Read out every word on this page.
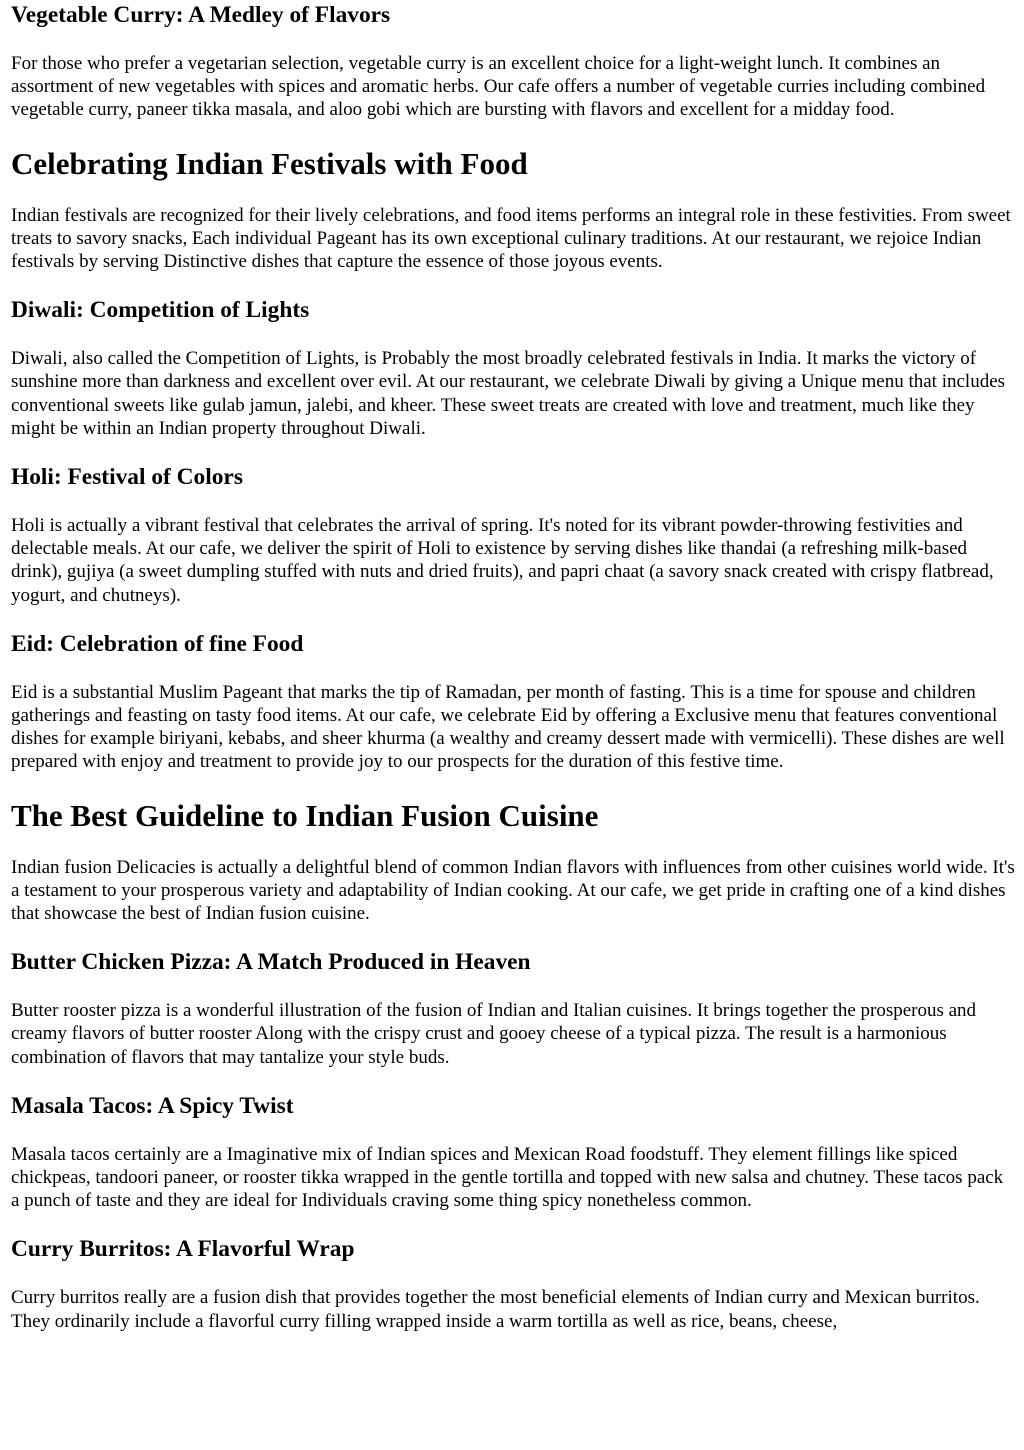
Vegetable Curry: A Medley of Flavors

For those who prefer a vegetarian selection, vegetable curry is an excellent choice for a light-weight lunch. It combines an assortment of new vegetables with spices and aromatic herbs. Our cafe offers a number of vegetable curries including combined vegetable curry, paneer tikka masala, and aloo gobi which are bursting with flavors and excellent for a midday food.

Celebrating Indian Festivals with Food

Indian festivals are recognized for their lively celebrations, and food items performs an integral role in these festivities. From sweet treats to savory snacks, Each individual Pageant has its own exceptional culinary traditions. At our restaurant, we rejoice Indian festivals by serving Distinctive dishes that capture the essence of those joyous events.

Diwali: Competition of Lights

Diwali, also called the Competition of Lights, is Probably the most broadly celebrated festivals in India. It marks the victory of sunshine more than darkness and excellent over evil. At our restaurant, we celebrate Diwali by giving a Unique menu that includes conventional sweets like gulab jamun, jalebi, and kheer. These sweet treats are created with love and treatment, much like they might be within an Indian property throughout Diwali.

Holi: Festival of Colors

Holi is actually a vibrant festival that celebrates the arrival of spring. It's noted for its vibrant powder-throwing festivities and delectable meals. At our cafe, we deliver the spirit of Holi to existence by serving dishes like thandai (a refreshing milk-based drink), gujiya (a sweet dumpling stuffed with nuts and dried fruits), and papri chaat (a savory snack created with crispy flatbread, yogurt, and chutneys).

Eid: Celebration of fine Food

Eid is a substantial Muslim Pageant that marks the tip of Ramadan, per month of fasting. This is a time for spouse and children gatherings and feasting on tasty food items. At our cafe, we celebrate Eid by offering a Exclusive menu that features conventional dishes for example biriyani, kebabs, and sheer khurma (a wealthy and creamy dessert made with vermicelli). These dishes are well prepared with enjoy and treatment to provide joy to our prospects for the duration of this festive time.

The Best Guideline to Indian Fusion Cuisine

Indian fusion Delicacies is actually a delightful blend of common Indian flavors with influences from other cuisines world wide. It's a testament to your prosperous variety and adaptability of Indian cooking. At our cafe, we get pride in crafting one of a kind dishes that showcase the best of Indian fusion cuisine.

Butter Chicken Pizza: A Match Produced in Heaven

Butter rooster pizza is a wonderful illustration of the fusion of Indian and Italian cuisines. It brings together the prosperous and creamy flavors of butter rooster Along with the crispy crust and gooey cheese of a typical pizza. The result is a harmonious combination of flavors that may tantalize your style buds.

Masala Tacos: A Spicy Twist

Masala tacos certainly are a Imaginative mix of Indian spices and Mexican Road foodstuff. They element fillings like spiced chickpeas, tandoori paneer, or rooster tikka wrapped in the gentle tortilla and topped with new salsa and chutney. These tacos pack a punch of taste and they are ideal for Individuals craving some thing spicy nonetheless common.

Curry Burritos: A Flavorful Wrap

Curry burritos really are a fusion dish that provides together the most beneficial elements of Indian curry and Mexican burritos. They ordinarily include a flavorful curry filling wrapped inside a warm tortilla as well as rice, beans, cheese,
